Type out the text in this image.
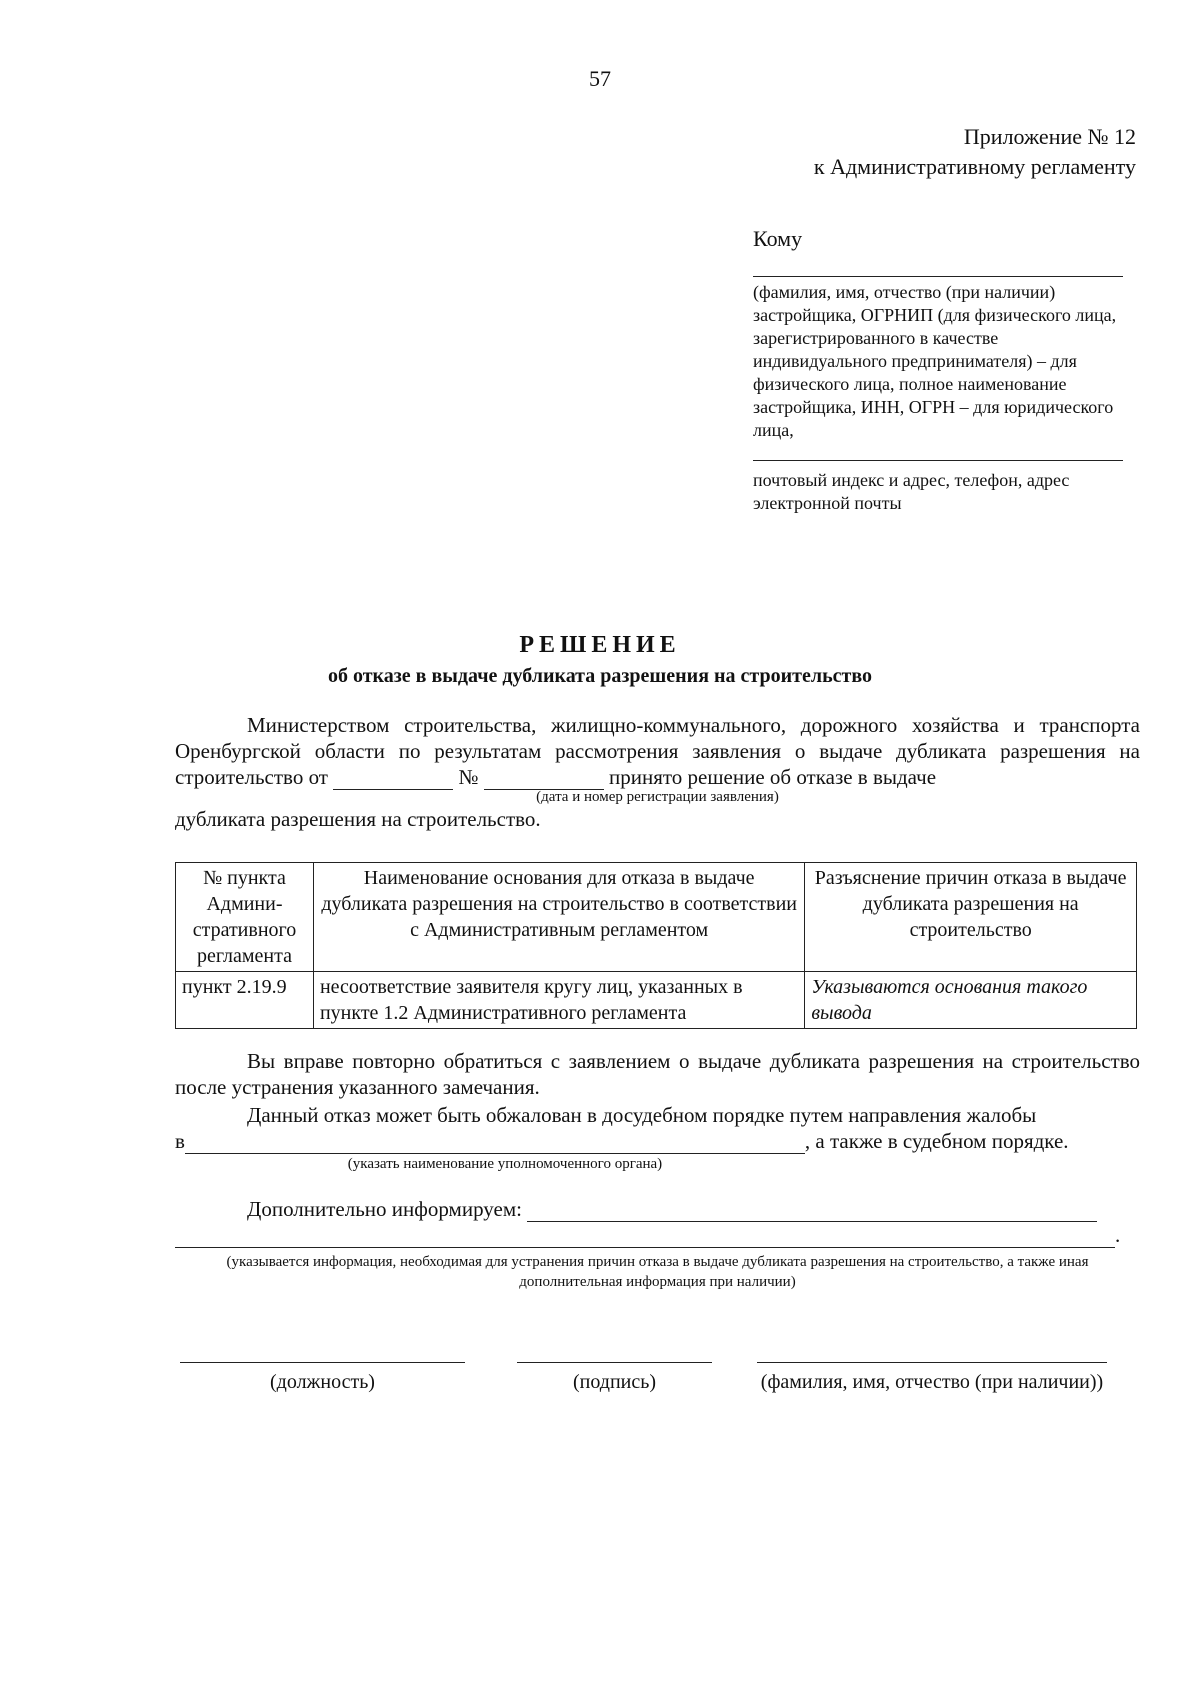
57
Приложение № 12
к Административному регламенту
Кому
(фамилия, имя, отчество (при наличии) застройщика, ОГРНИП (для физического лица, зарегистрированного в качестве индивидуального предпринимателя) – для физического лица, полное наименование застройщика, ИНН, ОГРН – для юридического лица,
почтовый индекс и адрес, телефон, адрес электронной почты
РЕШЕНИЕ
об отказе в выдаче дубликата разрешения на строительство
Министерством строительства, жилищно-коммунального, дорожного хозяйства и транспорта Оренбургской области по результатам рассмотрения заявления о выдаче дубликата разрешения на строительство от	№	принято решение об отказе в выдаче
(дата и номер регистрации заявления)
дубликата разрешения на строительство.
№ пункта Админи-стративного регламента	Наименование основания для отказа в выдаче дубликата разрешения на строительство в соответствии с Административным регламентом	Разъяснение причин отказа в выдаче дубликата разрешения на строительство
пункт 2.19.9	несоответствие заявителя кругу лиц, указанных в пункте 1.2 Административного регламента	Указываются основания такого вывода
Вы вправе повторно обратиться с заявлением о выдаче дубликата разрешения на строительство после устранения указанного замечания.
Данный отказ может быть обжалован в досудебном порядке путем направления жалобы
в	, а также в судебном порядке.
(указать наименование уполномоченного органа)
Дополнительно информируем:
.
(указывается информация, необходимая для устранения причин отказа в выдаче дубликата разрешения на строительство, а также иная дополнительная информация при наличии)
(должность)	(подпись)	(фамилия, имя, отчество (при наличии))
